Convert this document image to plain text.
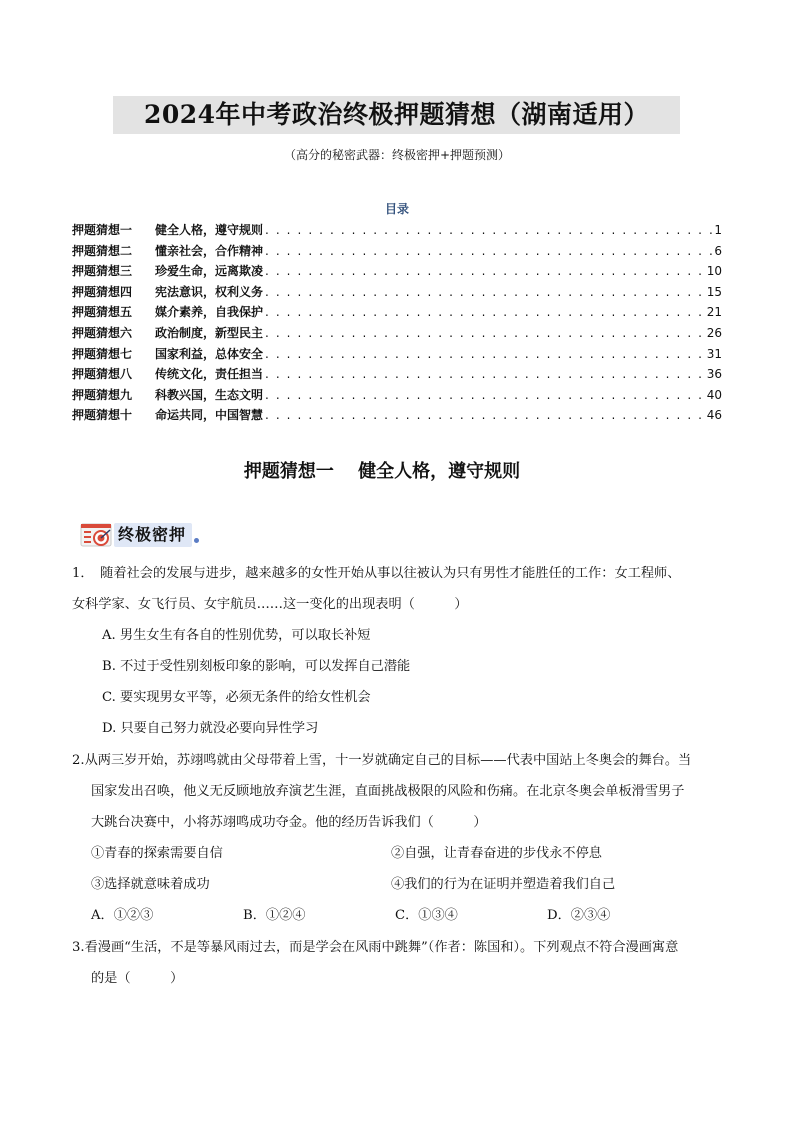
2024年中考政治终极押题猜想（湖南适用）
（高分的秘密武器：终极密押+押题预测）
目录
押题猜想一	健全人格，遵守规则 . . .	1
押题猜想二	懂亲社会，合作精神 . . .	6
押题猜想三	珍爱生命，远离欺凌 . . .	10
押题猜想四	宪法意识，权利义务 . . .	15
押题猜想五	媒介素养，自我保护 . . .	21
押题猜想六	政治制度，新型民主 . . .	26
押题猜想七	国家利益，总体安全 . . .	31
押题猜想八	传统文化，责任担当 . . .	36
押题猜想九	科教兴国，生态文明 . . .	40
押题猜想十	命运共同，中国智慧 . . .	46
押题猜想一　 健全人格，遵守规则
终极密押
1．　随着社会的发展与进步，越来越多的女性开始从事以往被认为只有男性才能胜任的工作：女工程师、
女科学家、女飞行员、女宇航员……这一变化的出现表明（　　　）
A. 男生女生有各自的性别优势，可以取长补短
B. 不过于受性别刻板印象的影响，可以发挥自己潜能
C. 要实现男女平等，必须无条件的给女性机会
D. 只要自己努力就没必要向异性学习
2.从两三岁开始，苏翊鸣就由父母带着上雪，十一岁就确定自己的目标——代表中国站上冬奥会的舞台。当
国家发出召唤，他义无反顾地放弃演艺生涯，直面挑战极限的风险和伤痛。在北京冬奥会单板滑雪男子
大跳台决赛中，小将苏翊鸣成功夺金。他的经历告诉我们（　　　）
①青春的探索需要自信	②自强，让青春奋进的步伐永不停息
③选择就意味着成功	④我们的行为在证明并塑造着我们自己
A．①②③	B．①②④	C．①③④	D．②③④
3.看漫画“生活，不是等暴风雨过去，而是学会在风雨中跳舞”（作者：陈国和）。下列观点不符合漫画寓意
的是（　　　）
